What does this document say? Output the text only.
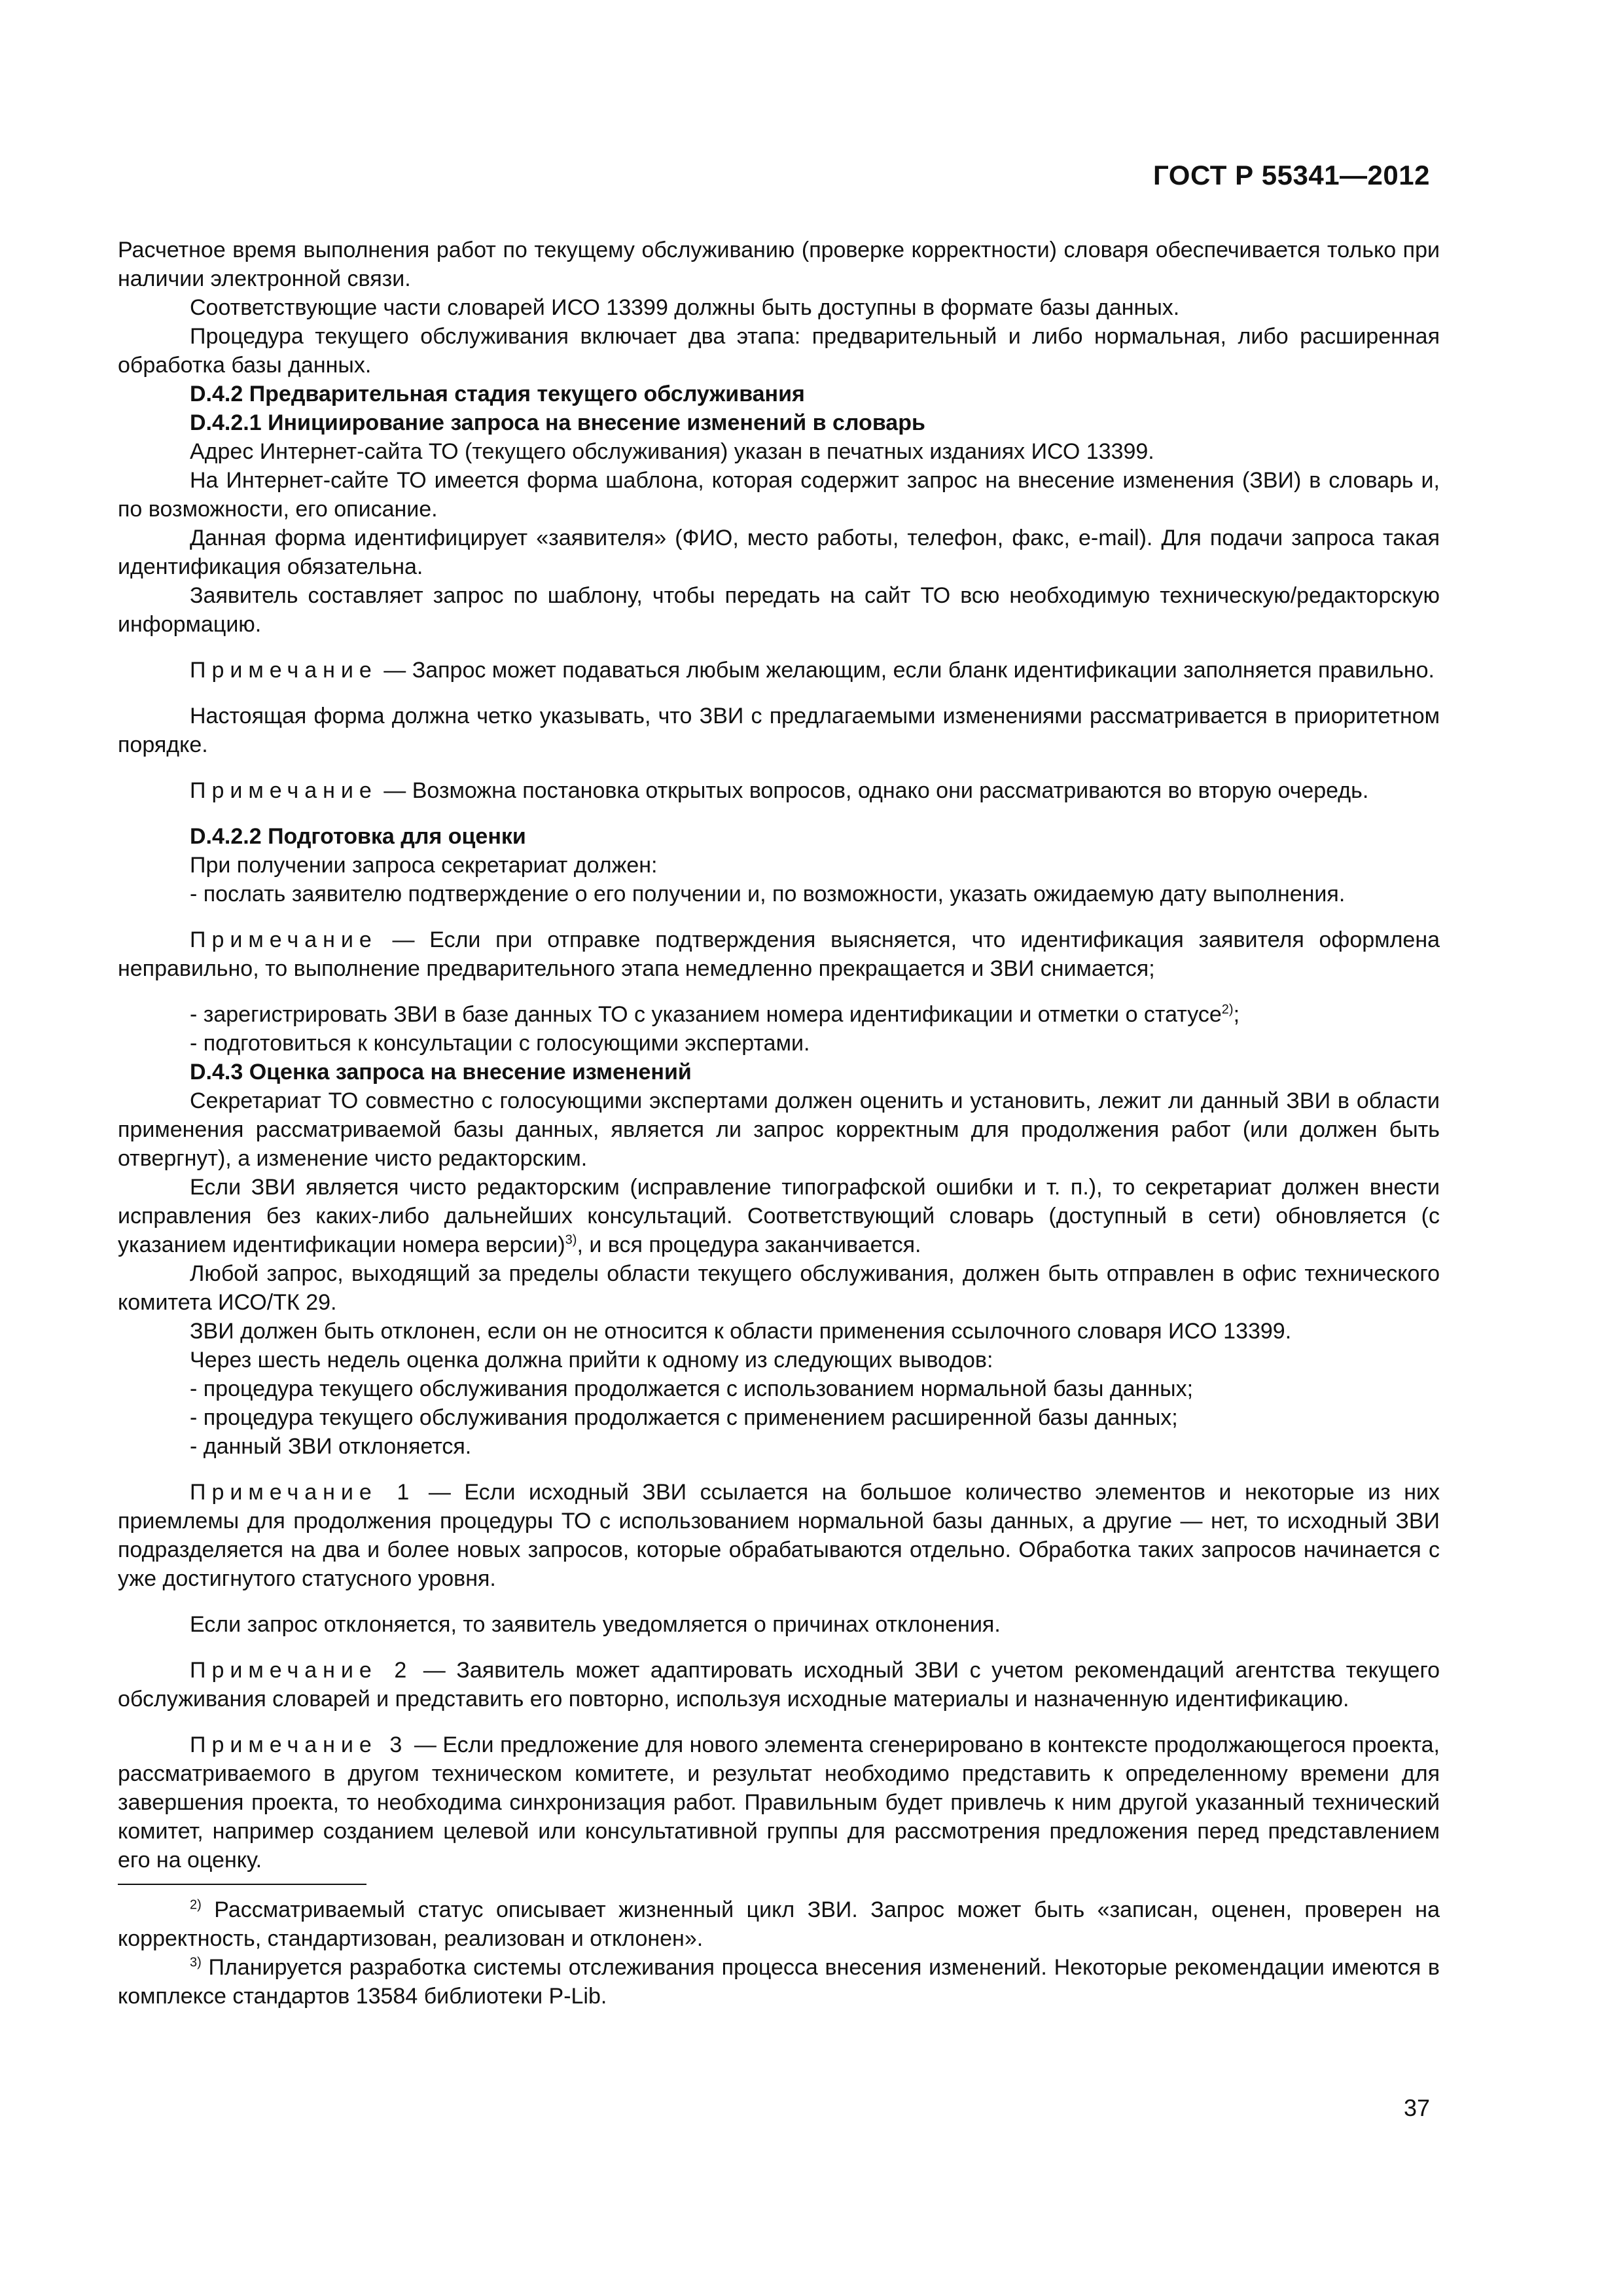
ГОСТ Р 55341—2012

Расчетное время выполнения работ по текущему обслуживанию (проверке корректности) словаря обеспечивается только при наличии электронной связи.

Соответствующие части словарей ИСО 13399 должны быть доступны в формате базы данных.

Процедура текущего обслуживания включает два этапа: предварительный и либо нормальная, либо расширенная обработка базы данных.

D.4.2 Предварительная стадия текущего обслуживания

D.4.2.1 Инициирование запроса на внесение изменений в словарь

Адрес Интернет-сайта ТО (текущего обслуживания) указан в печатных изданиях ИСО 13399.

На Интернет-сайте ТО имеется форма шаблона, которая содержит запрос на внесение изменения (ЗВИ) в словарь и, по возможности, его описание.

Данная форма идентифицирует «заявителя» (ФИО, место работы, телефон, факс, e-mail). Для подачи запроса такая идентификация обязательна.

Заявитель составляет запрос по шаблону, чтобы передать на сайт ТО всю необходимую техническую/редакторскую информацию.

Примечание — Запрос может подаваться любым желающим, если бланк идентификации заполняется правильно.

Настоящая форма должна четко указывать, что ЗВИ с предлагаемыми изменениями рассматривается в приоритетном порядке.

Примечание — Возможна постановка открытых вопросов, однако они рассматриваются во вторую очередь.

D.4.2.2 Подготовка для оценки

При получении запроса секретариат должен:

- послать заявителю подтверждение о его получении и, по возможности, указать ожидаемую дату выполнения.

Примечание — Если при отправке подтверждения выясняется, что идентификация заявителя оформлена неправильно, то выполнение предварительного этапа немедленно прекращается и ЗВИ снимается;

- зарегистрировать ЗВИ в базе данных ТО с указанием номера идентификации и отметки о статусе$^{2)}$;

- подготовиться к консультации с голосующими экспертами.

D.4.3 Оценка запроса на внесение изменений

Секретариат ТО совместно с голосующими экспертами должен оценить и установить, лежит ли данный ЗВИ в области применения рассматриваемой базы данных, является ли запрос корректным для продолжения работ (или должен быть отвергнут), а изменение чисто редакторским.

Если ЗВИ является чисто редакторским (исправление типографской ошибки и т. п.), то секретариат должен внести исправления без каких-либо дальнейших консультаций. Соответствующий словарь (доступный в сети) обновляется (с указанием идентификации номера версии)$^{3)}$, и вся процедура заканчивается.

Любой запрос, выходящий за пределы области текущего обслуживания, должен быть отправлен в офис технического комитета ИСО/ТК 29.

ЗВИ должен быть отклонен, если он не относится к области применения ссылочного словаря ИСО 13399.

Через шесть недель оценка должна прийти к одному из следующих выводов:

- процедура текущего обслуживания продолжается с использованием нормальной базы данных;

- процедура текущего обслуживания продолжается с применением расширенной базы данных;

- данный ЗВИ отклоняется.

Примечание 1 — Если исходный ЗВИ ссылается на большое количество элементов и некоторые из них приемлемы для продолжения процедуры ТО с использованием нормальной базы данных, а другие — нет, то исходный ЗВИ подразделяется на два и более новых запросов, которые обрабатываются отдельно. Обработка таких запросов начинается с уже достигнутого статусного уровня.

Если запрос отклоняется, то заявитель уведомляется о причинах отклонения.

Примечание 2 — Заявитель может адаптировать исходный ЗВИ с учетом рекомендаций агентства текущего обслуживания словарей и представить его повторно, используя исходные материалы и назначенную идентификацию.

Примечание 3 — Если предложение для нового элемента сгенерировано в контексте продолжающегося проекта, рассматриваемого в другом техническом комитете, и результат необходимо представить к определенному времени для завершения проекта, то необходима синхронизация работ. Правильным будет привлечь к ним другой указанный технический комитет, например созданием целевой или консультативной группы для рассмотрения предложения перед представлением его на оценку.

$^{2)}$ Рассматриваемый статус описывает жизненный цикл ЗВИ. Запрос может быть «записан, оценен, проверен на корректность, стандартизован, реализован и отклонен».

$^{3)}$ Планируется разработка системы отслеживания процесса внесения изменений. Некоторые рекомендации имеются в комплексе стандартов 13584 библиотеки P-Lib.

37
